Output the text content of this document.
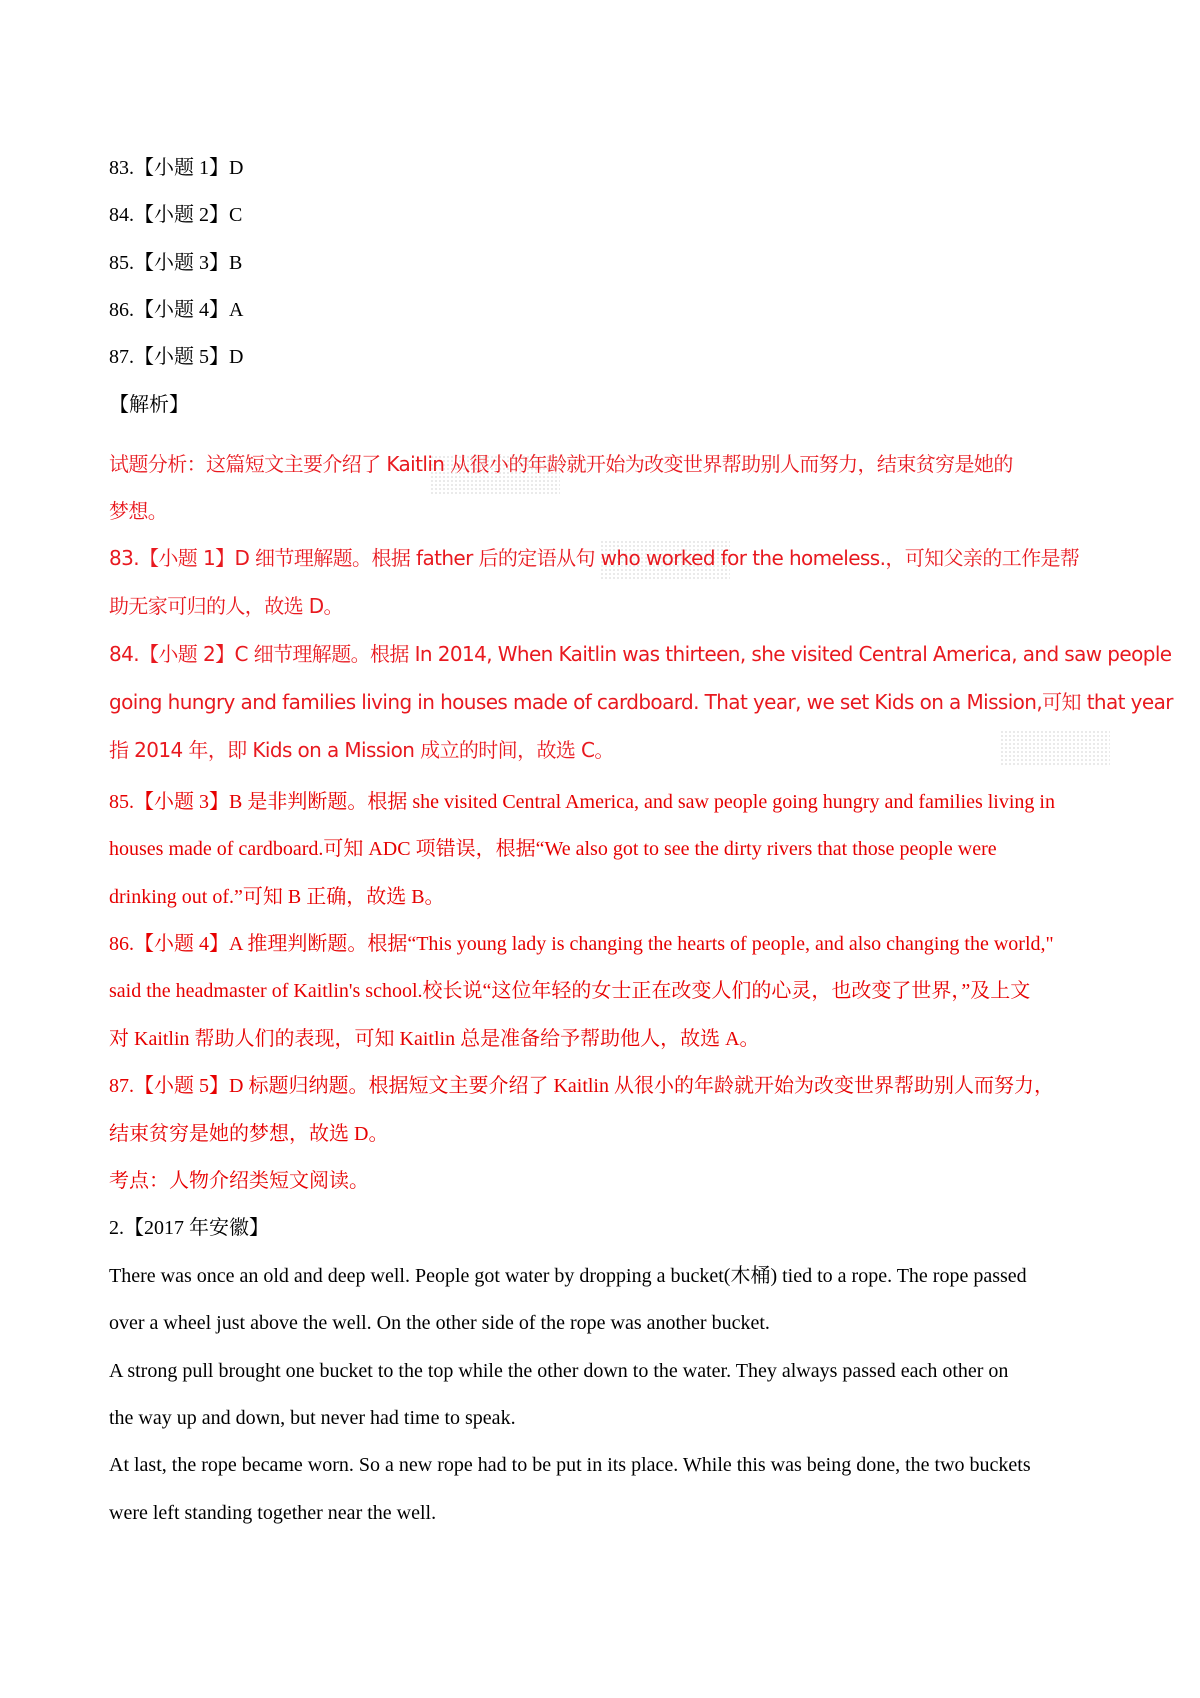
83.【小题 1】D
84.【小题 2】C
85.【小题 3】B
86.【小题 4】A
87.【小题 5】D
【解析】
试题分析：这篇短文主要介绍了 Kaitlin 从很小的年龄就开始为改变世界帮助别人而努力，结束贫穷是她的
梦想。
83.【小题 1】D 细节理解题。根据 father 后的定语从句 who worked for the homeless.，可知父亲的工作是帮
助无家可归的人，故选 D。
84.【小题 2】C 细节理解题。根据 In 2014, When Kaitlin was thirteen, she visited Central America, and saw people
going hungry and families living in houses made of cardboard. That year, we set Kids on a Mission,可知 that year
指 2014 年，即 Kids on a Mission 成立的时间，故选 C。
85.【小题 3】B 是非判断题。根据 she visited Central America, and saw people going hungry and families living in
houses made of cardboard.可知 ADC 项错误，根据“We also got to see the dirty rivers that those people were
drinking out of.”可知 B 正确，故选 B。
86.【小题 4】A 推理判断题。根据“This young lady is changing the hearts of people, and also changing the world,"
said the headmaster of Kaitlin's school.校长说“这位年轻的女士正在改变人们的心灵，也改变了世界，”及上文
对 Kaitlin 帮助人们的表现，可知 Kaitlin 总是准备给予帮助他人，故选 A。
87.【小题 5】D 标题归纳题。根据短文主要介绍了 Kaitlin 从很小的年龄就开始为改变世界帮助别人而努力，
结束贫穷是她的梦想，故选 D。
考点：人物介绍类短文阅读。
2.【2017 年安徽】
There was once an old and deep well. People got water by dropping a bucket(木桶) tied to a rope. The rope passed
over a wheel just above the well. On the other side of the rope was another bucket.
A strong pull brought one bucket to the top while the other down to the water. They always passed each other on
the way up and down, but never had time to speak.
At last, the rope became worn. So a new rope had to be put in its place. While this was being done, the two buckets
were left standing together near the well.
